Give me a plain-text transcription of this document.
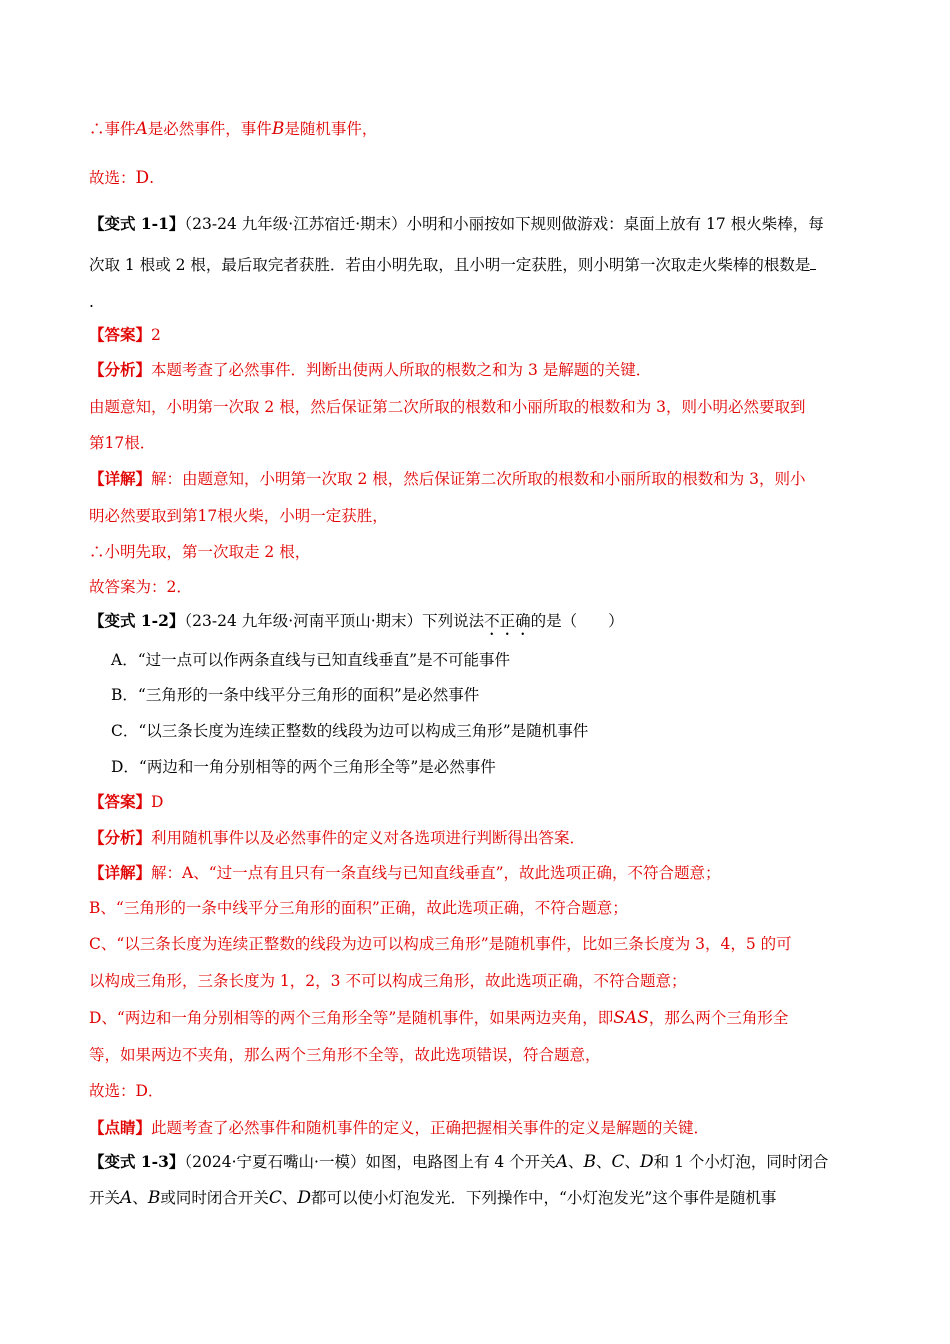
∴事件A是必然事件，事件B是随机事件，
故选：D.
【变式 1-1】（23-24 九年级·江苏宿迁·期末）小明和小丽按如下规则做游戏：桌面上放有 17 根火柴棒，每
次取 1 根或 2 根，最后取完者获胜．若由小明先取，且小明一定获胜，则小明第一次取走火柴棒的根数是
.
【答案】2
【分析】本题考查了必然事件．判断出使两人所取的根数之和为 3 是解题的关键．
由题意知，小明第一次取 2 根，然后保证第二次所取的根数和小丽所取的根数和为 3，则小明必然要取到
第17根．
【详解】解：由题意知，小明第一次取 2 根，然后保证第二次所取的根数和小丽所取的根数和为 3，则小
明必然要取到第17根火柴，小明一定获胜，
∴小明先取，第一次取走 2 根，
故答案为：2．
【变式 1-2】（23-24 九年级·河南平顶山·期末）下列说法不正确的是（　　）
A．“过一点可以作两条直线与已知直线垂直”是不可能事件
B．“三角形的一条中线平分三角形的面积”是必然事件
C．“以三条长度为连续正整数的线段为边可以构成三角形”是随机事件
D．“两边和一角分别相等的两个三角形全等”是必然事件
【答案】D
【分析】利用随机事件以及必然事件的定义对各选项进行判断得出答案．
【详解】解：A、“过一点有且只有一条直线与已知直线垂直”，故此选项正确，不符合题意；
B、“三角形的一条中线平分三角形的面积”正确，故此选项正确，不符合题意；
C、“以三条长度为连续正整数的线段为边可以构成三角形”是随机事件，比如三条长度为 3，4，5 的可
以构成三角形，三条长度为 1，2，3 不可以构成三角形，故此选项正确，不符合题意；
D、“两边和一角分别相等的两个三角形全等”是随机事件，如果两边夹角，即SAS，那么两个三角形全
等，如果两边不夹角，那么两个三角形不全等，故此选项错误，符合题意，
故选：D．
【点睛】此题考查了必然事件和随机事件的定义，正确把握相关事件的定义是解题的关键．
【变式 1-3】（2024·宁夏石嘴山·一模）如图，电路图上有 4 个开关A、B、C、D和 1 个小灯泡，同时闭合
开关A、B或同时闭合开关C、D都可以使小灯泡发光．下列操作中，“小灯泡发光”这个事件是随机事
